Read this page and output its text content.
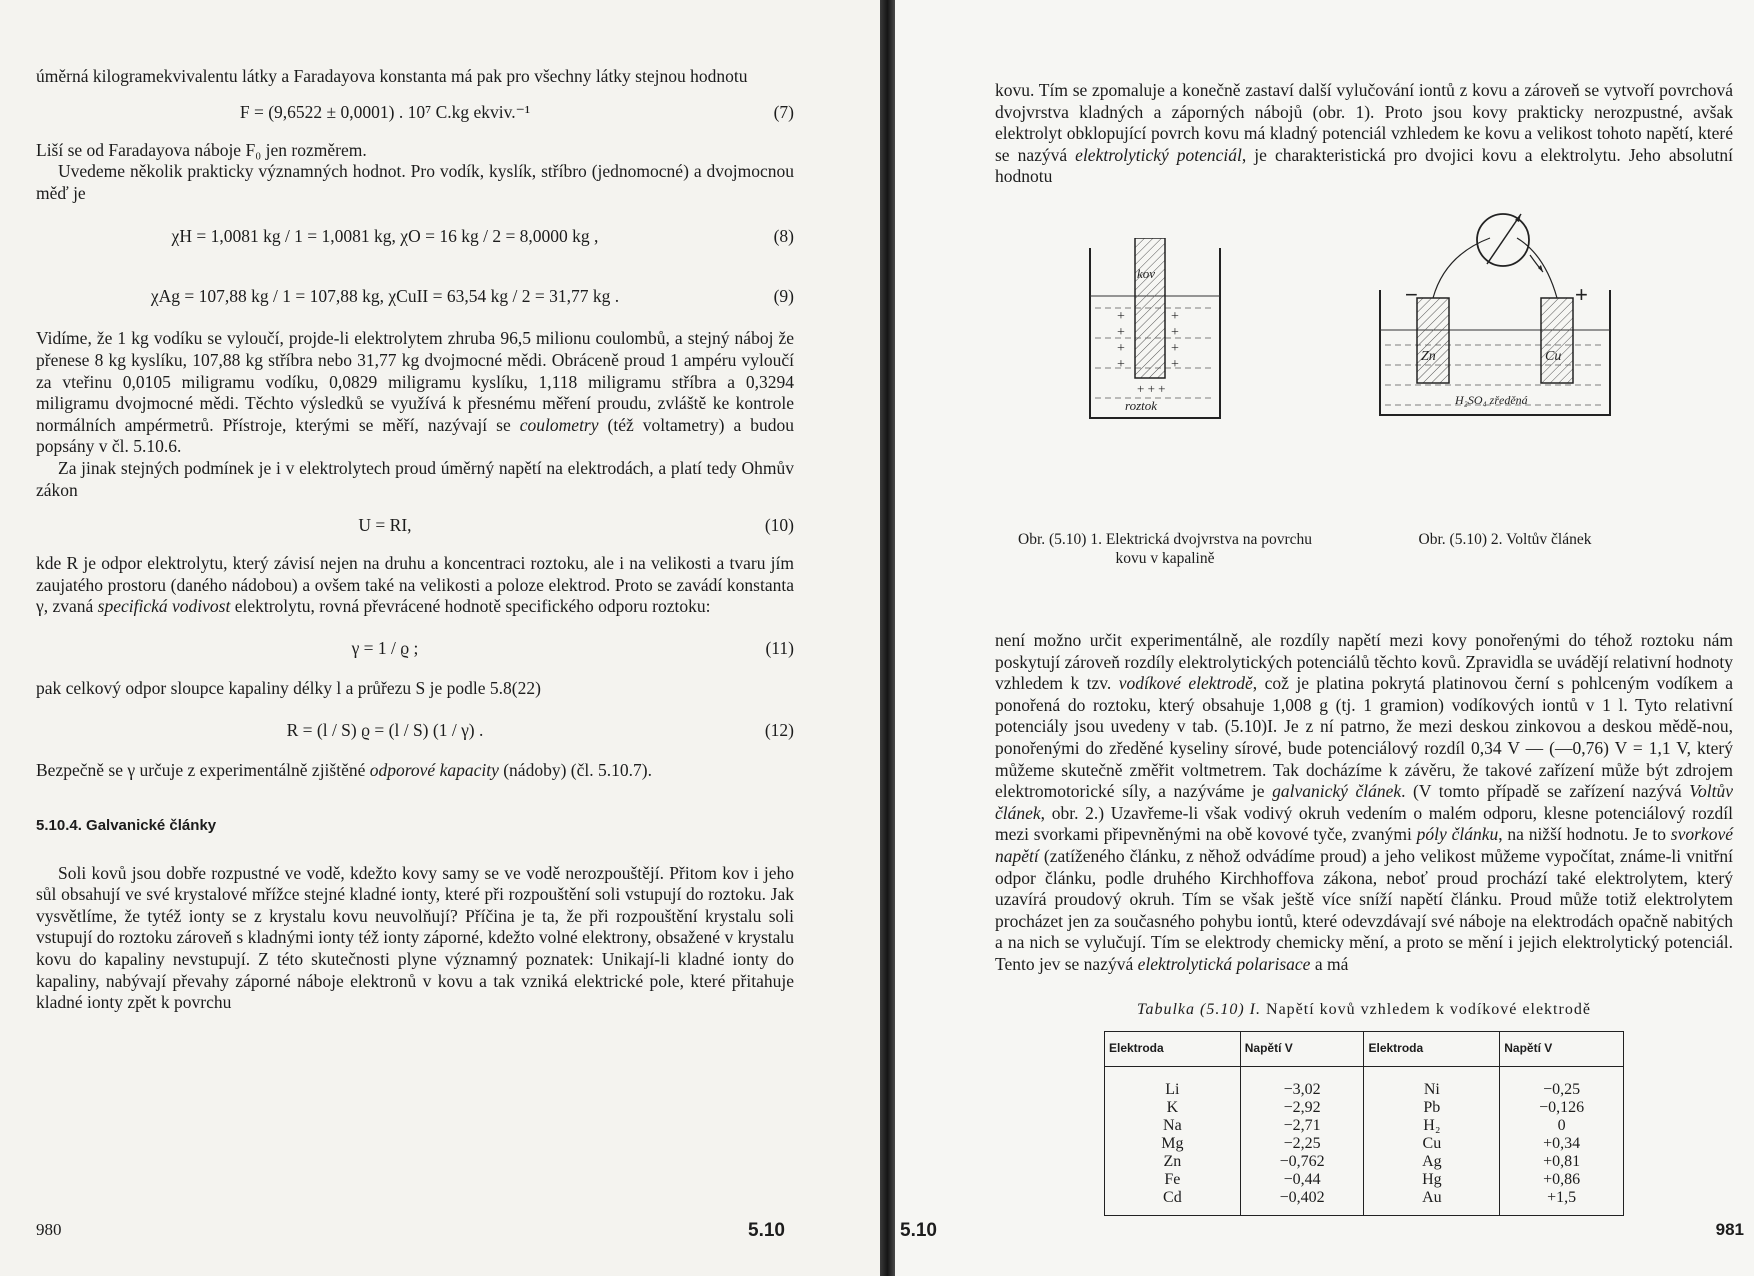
úměrná kilogramekvivalentu látky a Faradayova konstanta má pak pro všechny látky stejnou hodnotu

F = (9,6522 ± 0,0001) . 10⁷ C.kg ekviv.⁻¹	(7)

Liší se od Faradayova náboje F₀ jen rozměrem.

Uvedeme několik prakticky významných hodnot. Pro vodík, kyslík, stříbro (jednomocné) a dvojmocnou měď je

χH = 1,0081 kg / 1 = 1,0081 kg, χO = 16 kg / 2 = 8,0000 kg ,	(8)
χAg = 107,88 kg / 1 = 107,88 kg, χCuII = 63,54 kg / 2 = 31,77 kg .	(9)

Vidíme, že 1 kg vodíku se vyloučí, projde-li elektrolytem zhruba 96,5 milionu coulombů, a stejný náboj že přenese 8 kg kyslíku, 107,88 kg stříbra nebo 31,77 kg dvojmocné mědi. Obráceně proud 1 ampéru vyloučí za vteřinu 0,0105 miligramu vodíku, 0,0829 miligramu kyslíku, 1,118 miligramu stříbra a 0,3294 miligramu dvojmocné mědi. Těchto výsledků se využívá k přesnému měření proudu, zvláště ke kontrole normálních ampérmetrů. Přístroje, kterými se měří, nazývají se coulometry (též voltametry) a budou popsány v čl. 5.10.6.

Za jinak stejných podmínek je i v elektrolytech proud úměrný napětí na elektrodách, a platí tedy Ohmův zákon

U = RI,	(10)

kde R je odpor elektrolytu, který závisí nejen na druhu a koncentraci roztoku, ale i na velikosti a tvaru jím zaujatého prostoru (daného nádobou) a ovšem také na velikosti a poloze elektrod. Proto se zavádí konstanta γ, zvaná specifická vodivost elektrolytu, rovná převrácené hodnotě specifického odporu roztoku:

γ = 1 / ϱ ;	(11)

pak celkový odpor sloupce kapaliny délky l a průřezu S je podle 5.8(22)

R = (l / S) ϱ = (l / S) (1 / γ) .	(12)

Bezpečně se γ určuje z experimentálně zjištěné odporové kapacity (nádoby) (čl. 5.10.7).

5.10.4. Galvanické články

Soli kovů jsou dobře rozpustné ve vodě, kdežto kovy samy se ve vodě nerozpouštějí. Přitom kov i jeho sůl obsahují ve své krystalové mřížce stejné kladné ionty, které při rozpouštění soli vstupují do roztoku. Jak vysvětlíme, že tytéž ionty se z krystalu kovu neuvolňují? Příčina je ta, že při rozpouštění krystalu soli vstupují do roztoku zároveň s kladnými ionty též ionty záporné, kdežto volné elektrony, obsažené v krystalu kovu do kapaliny nevstupují. Z této skutečnosti plyne významný poznatek: Unikají-li kladné ionty do kapaliny, nabývají převahy záporné náboje elektronů v kovu a tak vzniká elektrické pole, které přitahuje kladné ionty zpět k povrchu

980	5.10

kovu. Tím se zpomaluje a konečně zastaví další vylučování iontů z kovu a zároveň se vytvoří povrchová dvojvrstva kladných a záporných nábojů (obr. 1). Proto jsou kovy prakticky nerozpustné, avšak elektrolyt obklopující povrch kovu má kladný potenciál vzhledem ke kovu a velikost tohoto napětí, které se nazývá elektrolytický potenciál, je charakteristická pro dvojici kovu a elektrolytu. Jeho absolutní hodnotu

+
+
+
+
+
+
+
+
+ + +
kov
roztok
Obr. (5.10) 1. Elektrická dvojvrstva na povrchu kovu v kapalině
−	+
Zn	Cu
H₂SO₄ zředěná
Obr. (5.10) 2. Voltův článek

není možno určit experimentálně, ale rozdíly napětí mezi kovy ponořenými do téhož roztoku nám poskytují zároveň rozdíly elektrolytických potenciálů těchto kovů. Zpravidla se uvádějí relativní hodnoty vzhledem k tzv. vodíkové elektrodě, což je platina pokrytá platinovou černí s pohlceným vodíkem a ponořená do roztoku, který obsahuje 1,008 g (tj. 1 gramion) vodíkových iontů v 1 l. Tyto relativní potenciály jsou uvedeny v tab. (5.10)I. Je z ní patrno, že mezi deskou zinkovou a deskou mědě-nou, ponořenými do zředěné kyseliny sírové, bude potenciálový rozdíl 0,34 V — (—0,76) V = 1,1 V, který můžeme skutečně změřit voltmetrem. Tak docházíme k závěru, že takové zařízení může být zdrojem elektromotorické síly, a nazýváme je galvanický článek. (V tomto případě se zařízení nazývá Voltův článek, obr. 2.) Uzavřeme-li však vodivý okruh vedením o malém odporu, klesne potenciálový rozdíl mezi svorkami připevněnými na obě kovové tyče, zvanými póly článku, na nižší hodnotu. Je to svorkové napětí (zatíženého článku, z něhož odvádíme proud) a jeho velikost můžeme vypočítat, známe-li vnitřní odpor článku, podle druhého Kirchhoffova zákona, neboť proud prochází také elektrolytem, který uzavírá proudový okruh. Tím se však ještě více sníží napětí článku. Proud může totiž elektrolytem procházet jen za současného pohybu iontů, které odevzdávají své náboje na elektrodách opačně nabitých a na nich se vylučují. Tím se elektrody chemicky mění, a proto se mění i jejich elektrolytický potenciál. Tento jev se nazývá elektrolytická polarisace a má

Tabulka (5.10) I. Napětí kovů vzhledem k vodíkové elektrodě
Elektroda	Napětí V	Elektroda	Napětí V
Li	−3,02	Ni	−0,25
K	−2,92	Pb	−0,126
Na	−2,71	H₂	0
Mg	−2,25	Cu	+0,34
Zn	−0,762	Ag	+0,81
Fe	−0,44	Hg	+0,86
Cd	−0,402	Au	+1,5
5.10	981
